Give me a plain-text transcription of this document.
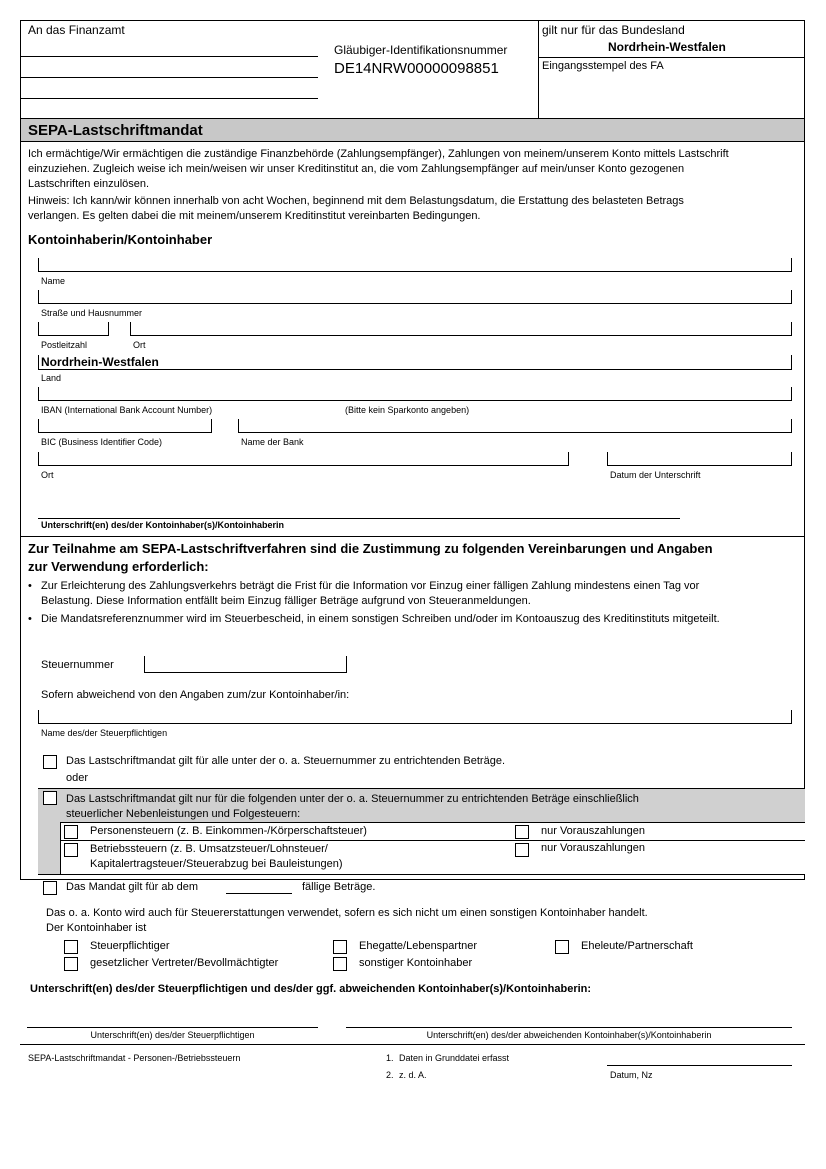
An das Finanzamt
Gläubiger-Identifikationsnummer
DE14NRW00000098851
gilt nur für das Bundesland
Nordrhein-Westfalen
Eingangsstempel des FA
SEPA-Lastschriftmandat
Ich ermächtige/Wir ermächtigen die zuständige Finanzbehörde (Zahlungsempfänger), Zahlungen von meinem/unserem Konto mittels Lastschrift
einzuziehen. Zugleich weise ich mein/weisen wir unser Kreditinstitut an, die vom Zahlungsempfänger auf mein/unser Konto gezogenen
Lastschriften einzulösen.
Hinweis: Ich kann/wir können innerhalb von acht Wochen, beginnend mit dem Belastungsdatum, die Erstattung des belasteten Betrags
verlangen. Es gelten dabei die mit meinem/unserem Kreditinstitut vereinbarten Bedingungen.
Kontoinhaberin/Kontoinhaber
Name
Straße und Hausnummer
Postleitzahl	Ort
Nordrhein-Westfalen
Land
IBAN (International Bank Account Number)	(Bitte kein Sparkonto angeben)
BIC (Business Identifier Code)	Name der Bank
Ort	Datum der Unterschrift
Unterschrift(en) des/der Kontoinhaber(s)/Kontoinhaberin
Zur Teilnahme am SEPA-Lastschriftverfahren sind die Zustimmung zu folgenden Vereinbarungen und Angaben
zur Verwendung erforderlich:
• Zur Erleichterung des Zahlungsverkehrs beträgt die Frist für die Information vor Einzug einer fälligen Zahlung mindestens einen Tag vor
Belastung. Diese Information entfällt beim Einzug fälliger Beträge aufgrund von Steueranmeldungen.
• Die Mandatsreferenznummer wird im Steuerbescheid, in einem sonstigen Schreiben und/oder im Kontoauszug des Kreditinstituts mitgeteilt.
Steuernummer
Sofern abweichend von den Angaben zum/zur Kontoinhaber/in:
Name des/der Steuerpflichtigen
Das Lastschriftmandat gilt für alle unter der o. a. Steuernummer zu entrichtenden Beträge.
oder
Das Lastschriftmandat gilt nur für die folgenden unter der o. a. Steuernummer zu entrichtenden Beträge einschließlich
steuerlicher Nebenleistungen und Folgesteuern:
Personensteuern (z. B. Einkommen-/Körperschaftsteuer)	nur Vorauszahlungen
Betriebssteuern (z. B. Umsatzsteuer/Lohnsteuer/
Kapitalertragsteuer/Steuerabzug bei Bauleistungen)
nur Vorauszahlungen
Das Mandat gilt für ab dem	fällige Beträge.
Das o. a. Konto wird auch für Steuererstattungen verwendet, sofern es sich nicht um einen sonstigen Kontoinhaber handelt.
Der Kontoinhaber ist
Steuerpflichtiger	Ehegatte/Lebenspartner	Eheleute/Partnerschaft
gesetzlicher Vertreter/Bevollmächtigter	sonstiger Kontoinhaber
Unterschrift(en) des/der Steuerpflichtigen und des/der ggf. abweichenden Kontoinhaber(s)/Kontoinhaberin:
Unterschrift(en) des/der Steuerpflichtigen	Unterschrift(en) des/der abweichenden Kontoinhaber(s)/Kontoinhaberin
SEPA-Lastschriftmandat - Personen-/Betriebssteuern	1. Daten in Grunddatei erfasst
2. z. d. A.	Datum, Nz
